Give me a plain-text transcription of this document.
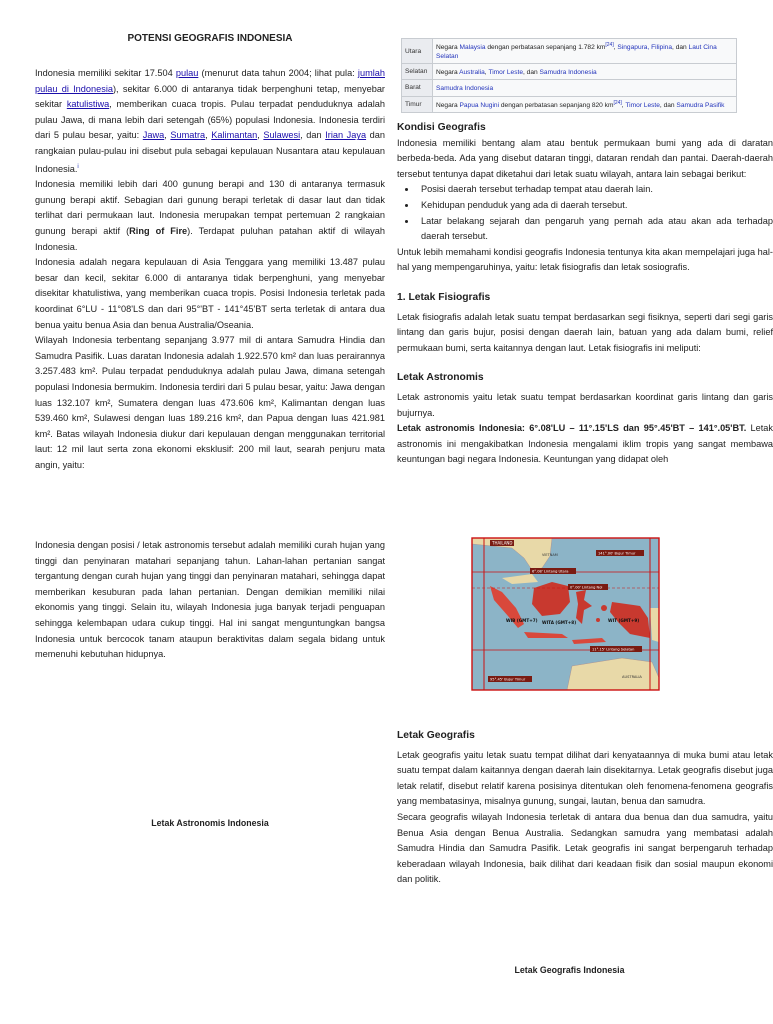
POTENSI GEOGRAFIS INDONESIA

Indonesia memiliki sekitar 17.504 pulau (menurut data tahun 2004; lihat pula: jumlah pulau di Indonesia), sekitar 6.000 di antaranya tidak berpenghuni tetap, menyebar sekitar katulistiwa, memberikan cuaca tropis. Pulau terpadat penduduknya adalah pulau Jawa, di mana lebih dari setengah (65%) populasi Indonesia. Indonesia terdiri dari 5 pulau besar, yaitu: Jawa, Sumatra, Kalimantan, Sulawesi, dan Irian Jaya dan rangkaian pulau-pulau ini disebut pula sebagai kepulauan Nusantara atau kepulauan Indonesia.$^i$

Indonesia memiliki lebih dari 400 gunung berapi and 130 di antaranya termasuk gunung berapi aktif. Sebagian dari gunung berapi terletak di dasar laut dan tidak terlihat dari permukaan laut. Indonesia merupakan tempat pertemuan 2 rangkaian gunung berapi aktif (Ring of Fire). Terdapat puluhan patahan aktif di wilayah Indonesia.

Indonesia adalah negara kepulauan di Asia Tenggara yang memiliki 13.487 pulau besar dan kecil, sekitar 6.000 di antaranya tidak berpenghuni, yang menyebar disekitar khatulistiwa, yang memberikan cuaca tropis. Posisi Indonesia terletak pada koordinat 6°LU - 11°08'LS dan dari 95°'BT - 141°45'BT serta terletak di antara dua benua yaitu benua Asia dan benua Australia/Oseania.

Wilayah Indonesia terbentang sepanjang 3.977 mil di antara Samudra Hindia dan Samudra Pasifik. Luas daratan Indonesia adalah 1.922.570 km² dan luas perairannya 3.257.483 km². Pulau terpadat penduduknya adalah pulau Jawa, dimana setengah populasi Indonesia bermukim. Indonesia terdiri dari 5 pulau besar, yaitu: Jawa dengan luas 132.107 km², Sumatera dengan luas 473.606 km², Kalimantan dengan luas 539.460 km², Sulawesi dengan luas 189.216 km², dan Papua dengan luas 421.981 km². Batas wilayah Indonesia diukur dari kepulauan dengan menggunakan territorial laut: 12 mil laut serta zona ekonomi eksklusif: 200 mil laut, searah penjuru mata angin, yaitu:

Indonesia dengan posisi / letak astronomis tersebut adalah memiliki curah hujan yang tinggi dan penyinaran matahari sepanjang tahun. Lahan-lahan pertanian sangat tergantung dengan curah hujan yang tinggi dan penyinaran matahari, sehingga dapat memberikan kesuburan pada lahan pertanian. Dengan demikian memiliki nilai ekonomis yang tinggi. Selain itu, wilayah Indonesia juga banyak terjadi penguapan sehingga kelembapan udara cukup tinggi. Hal ini sangat menguntungkan bangsa Indonesia untuk bercocok tanam ataupun beraktivitas dalam segala bidang untuk memenuhi kebutuhan hidupnya.

Letak Astronomis Indonesia
Utara	Negara Malaysia dengan perbatasan sepanjang 1.782 km[24], Singapura, Filipina, dan Laut Cina Selatan
Selatan	Negara Australia, Timor Leste, dan Samudra Indonesia
Barat	Samudra Indonesia
Timur	Negara Papua Nugini dengan perbatasan sepanjang 820 km[24], Timor Leste, dan Samudra Pasifik
Kondisi Geografis

Indonesia memiliki bentang alam atau bentuk permukaan bumi yang ada di daratan berbeda-beda. Ada yang disebut dataran tinggi, dataran rendah dan pantai. Daerah-daerah tersebut tentunya dapat diketahui dari letak suatu wilayah, antara lain sebagai berikut:

• Posisi daerah tersebut terhadap tempat atau daerah lain.
• Kehidupan penduduk yang ada di daerah tersebut.
• Latar belakang sejarah dan pengaruh yang pernah ada atau akan ada terhadap daerah tersebut.

Untuk lebih memahami kondisi geografis Indonesia tentunya kita akan mempelajari juga hal-hal yang mempengaruhinya, yaitu: letak fisiografis dan letak sosiografis.

1. Letak Fisiografis

Letak fisiografis adalah letak suatu tempat berdasarkan segi fisiknya, seperti dari segi garis lintang dan garis bujur, posisi dengan daerah lain, batuan yang ada dalam bumi, relief permukaan bumi, serta kaitannya dengan laut. Letak fisiografis ini meliputi:

Letak Astronomis

Letak astronomis yaitu letak suatu tempat berdasarkan koordinat garis lintang dan garis bujurnya.

Letak astronomis Indonesia: 6°.08'LU – 11°.15'LS dan 95°.45'BT – 141°.05'BT. Letak astronomis ini mengakibatkan Indonesia mengalami iklim tropis yang sangat membawa keuntungan bagi negara Indonesia. Keuntungan yang didapat oleh

THAILAND
VIETNAM	141°.00' Bujur Timur
6°.08' Lintang Utara
0°.00' Lintang Nol
WIB (GMT+7) WITA (GMT+8)	WIT (GMT+9)
11°.15' Lintang Selatan
95°.45' Bujur Timur
AUSTRALIA
Letak Geografis

Letak geografis yaitu letak suatu tempat dilihat dari kenyataannya di muka bumi atau letak suatu tempat dalam kaitannya dengan daerah lain disekitarnya. Letak geografis disebut juga letak relatif, disebut relatif karena posisinya ditentukan oleh fenomena-fenomena geografis yang membatasinya, misalnya gunung, sungai, lautan, benua dan samudra.

Secara geografis wilayah Indonesia terletak di antara dua benua dan dua samudra, yaitu Benua Asia dengan Benua Australia. Sedangkan samudra yang membatasi adalah Samudra Hindia dan Samudra Pasifik. Letak geografis ini sangat berpengaruh terhadap keberadaan wilayah Indonesia, baik dilihat dari keadaan fisik dan sosial maupun ekonomi dan politik.

Letak Geografis Indonesia
